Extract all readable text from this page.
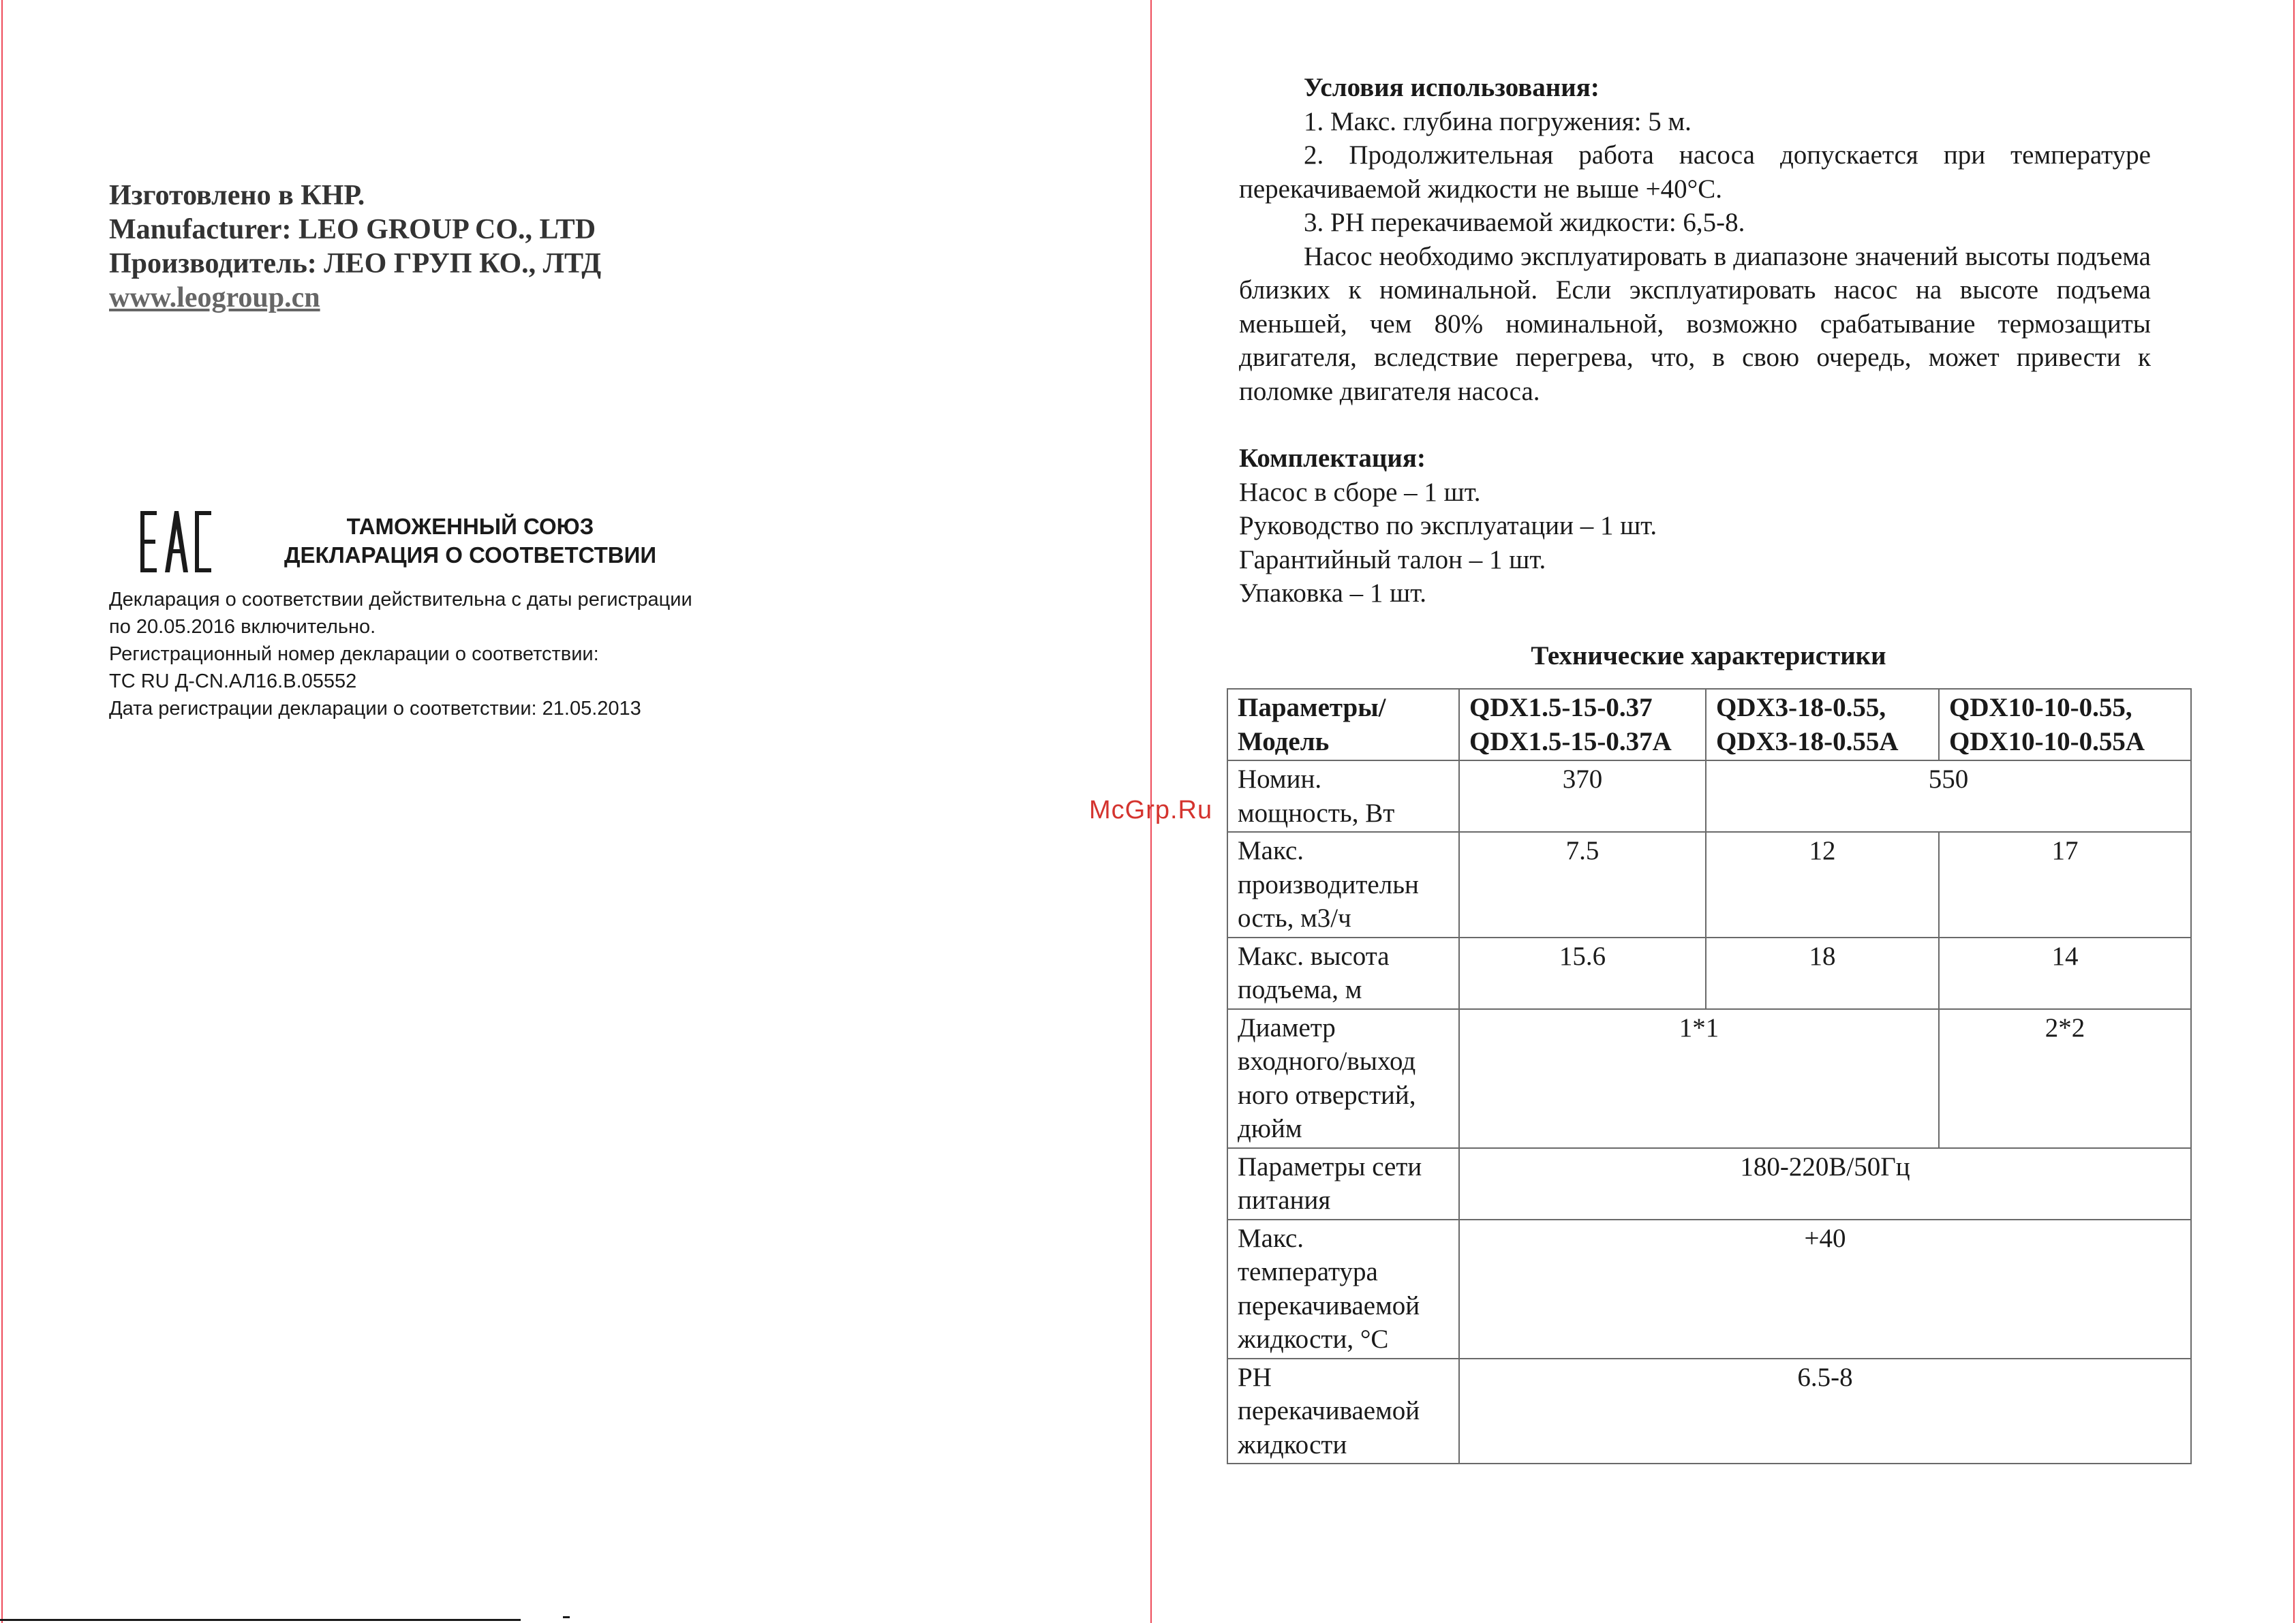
Изготовлено в КНР.
Manufacturer: LEO GROUP CO., LTD
Производитель: ЛЕО ГРУП КО., ЛТД
www.leogroup.cn
ТАМОЖЕННЫЙ СОЮЗ
ДЕКЛАРАЦИЯ О СООТВЕТСТВИИ
Декларация о соответствии действительна с даты регистрации
по 20.05.2016 включительно.
Регистрационный номер декларации о соответствии:
TC RU Д-CN.АЛ16.В.05552
Дата регистрации декларации о соответствии: 21.05.2013
McGrp.Ru

Условия использования:

1. Макс. глубина погружения: 5 м.

2. Продолжительная работа насоса допускается при температуре перекачиваемой жидкости не выше +40°С.

3. PH перекачиваемой жидкости: 6,5-8.

Насос необходимо эксплуатировать в диапазоне значений высоты подъема близких к номинальной. Если эксплуатировать насос на высоте подъема меньшей, чем 80% номинальной, возможно срабатывание термозащиты двигателя, вследствие перегрева, что, в свою очередь, может привести к поломке двигателя насоса.

Комплектация:

Насос в сборе – 1 шт.

Руководство по эксплуатации – 1 шт.

Гарантийный талон – 1 шт.

Упаковка – 1 шт.

Технические характеристики
Параметры/ Модель	QDX1.5-15-0.37 QDX1.5-15-0.37A	QDX3-18-0.55, QDX3-18-0.55A	QDX10-10-0.55, QDX10-10-0.55A
Номин. мощность, Вт	370	550	
Макс. производительн ость, м3/ч	7.5	12	17
Макс. высота подъема, м	15.6	18	14
Диаметр входного/выход ного отверстий, дюйм	1*1		2*2
Параметры сети питания	180-220В/50Гц		
Макс. температура перекачиваемой жидкости, °С	+40		
PH перекачиваемой жидкости	6.5-8		
